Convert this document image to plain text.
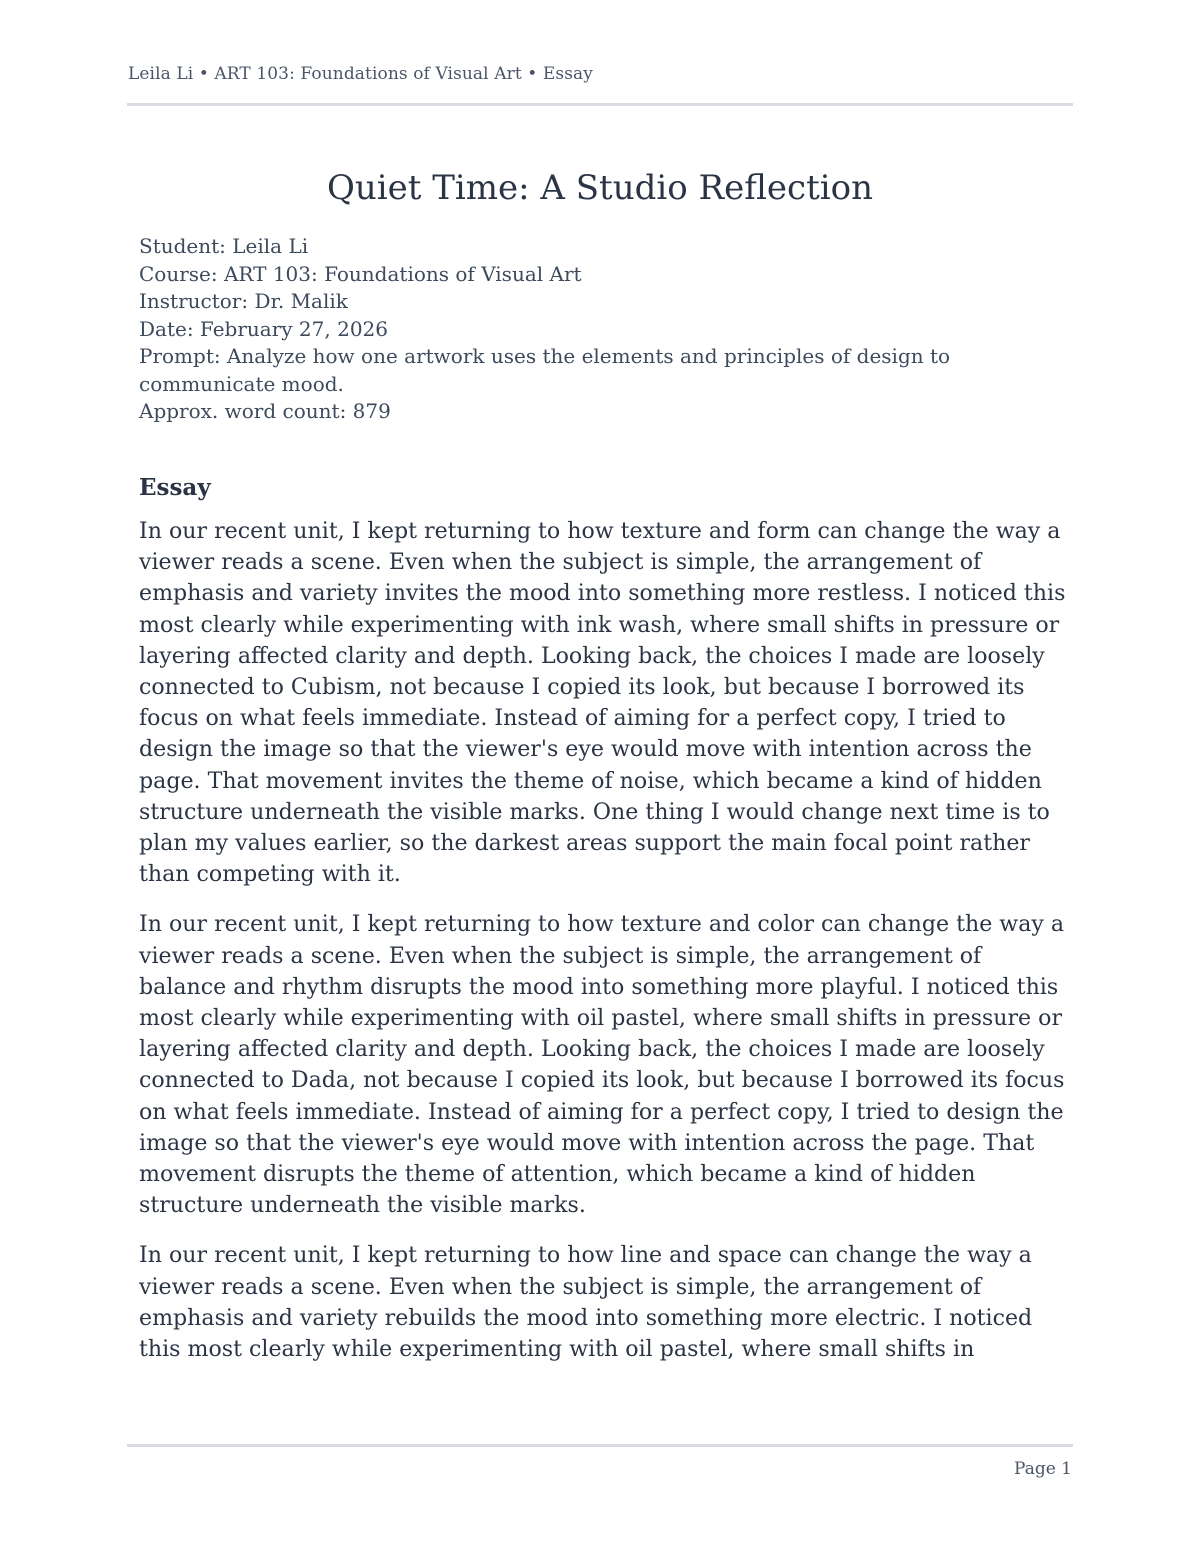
Leila Li • ART 103: Foundations of Visual Art • Essay
Quiet Time: A Studio Reflection
Student: Leila Li
Course: ART 103: Foundations of Visual Art
Instructor: Dr. Malik
Date: February 27, 2026
Prompt: Analyze how one artwork uses the elements and principles of design to communicate mood.
Approx. word count: 879
Essay

In our recent unit, I kept returning to how texture and form can change the way a viewer reads a scene. Even when the subject is simple, the arrangement of emphasis and variety invites the mood into something more restless. I noticed this most clearly while experimenting with ink wash, where small shifts in pressure or layering affected clarity and depth. Looking back, the choices I made are loosely connected to Cubism, not because I copied its look, but because I borrowed its focus on what feels immediate. Instead of aiming for a perfect copy, I tried to design the image so that the viewer's eye would move with intention across the page. That movement invites the theme of noise, which became a kind of hidden structure underneath the visible marks. One thing I would change next time is to plan my values earlier, so the darkest areas support the main focal point rather than competing with it.

In our recent unit, I kept returning to how texture and color can change the way a viewer reads a scene. Even when the subject is simple, the arrangement of balance and rhythm disrupts the mood into something more playful. I noticed this most clearly while experimenting with oil pastel, where small shifts in pressure or layering affected clarity and depth. Looking back, the choices I made are loosely connected to Dada, not because I copied its look, but because I borrowed its focus on what feels immediate. Instead of aiming for a perfect copy, I tried to design the image so that the viewer's eye would move with intention across the page. That movement disrupts the theme of attention, which became a kind of hidden structure underneath the visible marks.

In our recent unit, I kept returning to how line and space can change the way a viewer reads a scene. Even when the subject is simple, the arrangement of emphasis and variety rebuilds the mood into something more electric. I noticed this most clearly while experimenting with oil pastel, where small shifts in

Page 1
